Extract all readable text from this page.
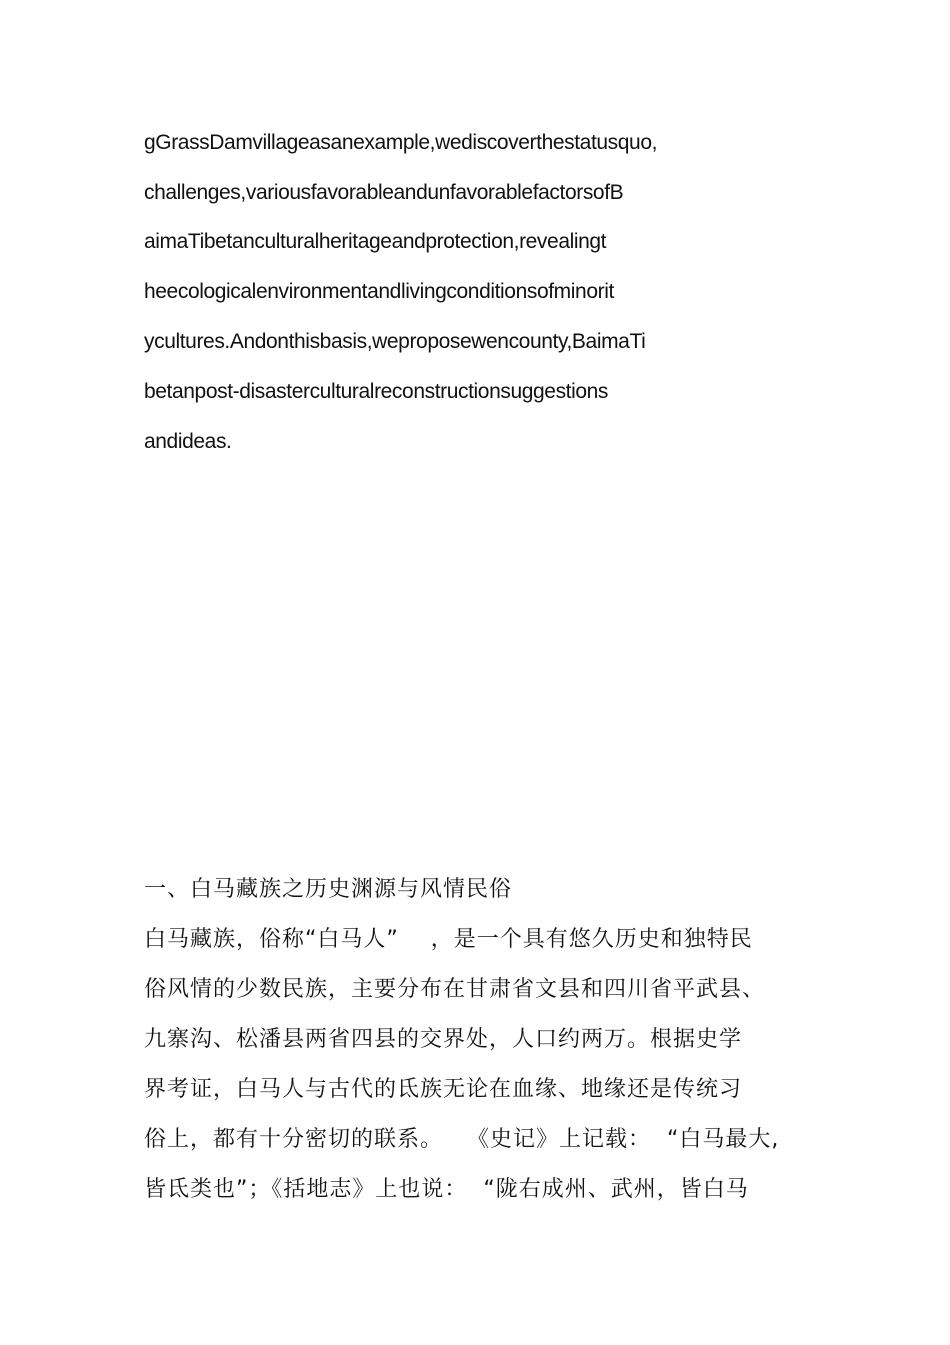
gGrassDamvillageasanexample,wediscoverthestatusquo,
challenges,variousfavorableandunfavorablefactorsofB
aimaTibetanculturalheritageandprotection,revealingt
heecologicalenvironmentandlivingconditionsofminorit
ycultures.Andonthisbasis,weproposewencounty,BaimaTi
betanpost-disasterculturalreconstructionsuggestions
andideas.
一、白马藏族之历史渊源与风情民俗
白马藏族，俗称“白马人”    ，是一个具有悠久历史和独特民
俗风情的少数民族，主要分布在甘肃省文县和四川省平武县、
九寨沟、松潘县两省四县的交界处，人口约两万。根据史学
界考证，白马人与古代的氐族无论在血缘、地缘还是传统习
俗上，都有十分密切的联系。   《史记》上记载：  “白马最大,
皆氐类也”；《括地志》上也说：  “陇右成州、武州，皆白马
